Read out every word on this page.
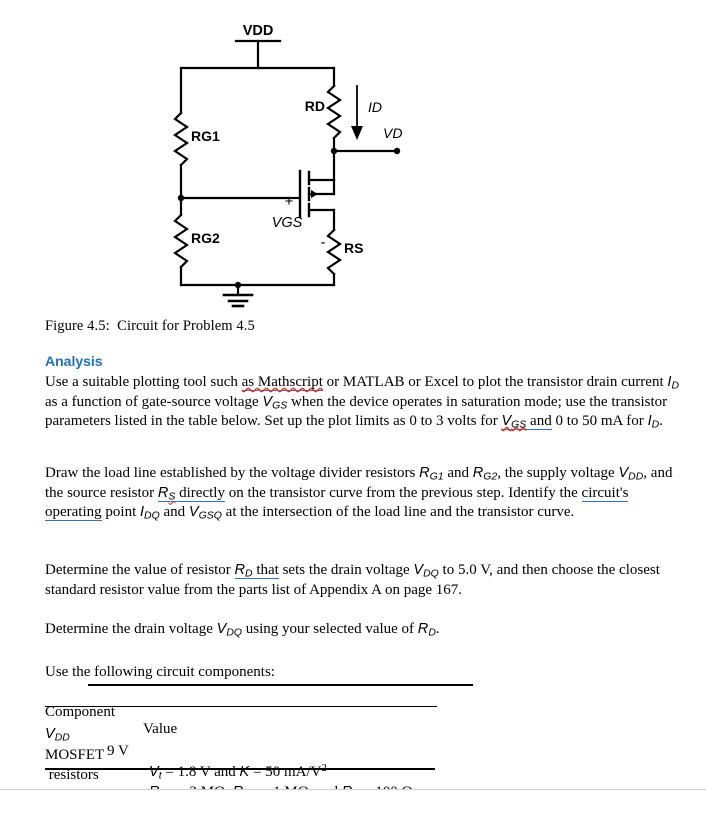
VDD
RD	ID
VD
RG1
RG2
RS
+
VGS
-
Figure 4.5:  Circuit for Problem 4.5
Analysis
Use a suitable plotting tool such as Mathscript or MATLAB or Excel to plot the transistor drain current $I_D$ as a function of gate-source voltage $V_{GS}$ when the device operates in saturation mode; use the transistor parameters listed in the table below. Set up the plot limits as 0 to 3 volts for $V_{GS}$ and 0 to 50 mA for $I_D$.
Draw the load line established by the voltage divider resistors $R_{G1}$ and $R_{G2}$, the supply voltage $V_{DD}$, and the source resistor $R_S$ directly on the transistor curve from the previous step. Identify the circuit's operating point $I_{DQ}$ and $V_{GSQ}$ at the intersection of the load line and the transistor curve.
Determine the value of resistor $R_D$ that sets the drain voltage $V_{DQ}$ to 5.0 V, and then choose the closest standard resistor value from the parts list of Appendix A on page 167.
Determine the drain voltage $V_{DQ}$ using your selected value of $R_D$.
Use the following circuit components:

Component

Value

$V_{DD}$

9 V

MOSFET

$V_t = 1.8$ V and K = 50 $mA/V^2$

resistors
